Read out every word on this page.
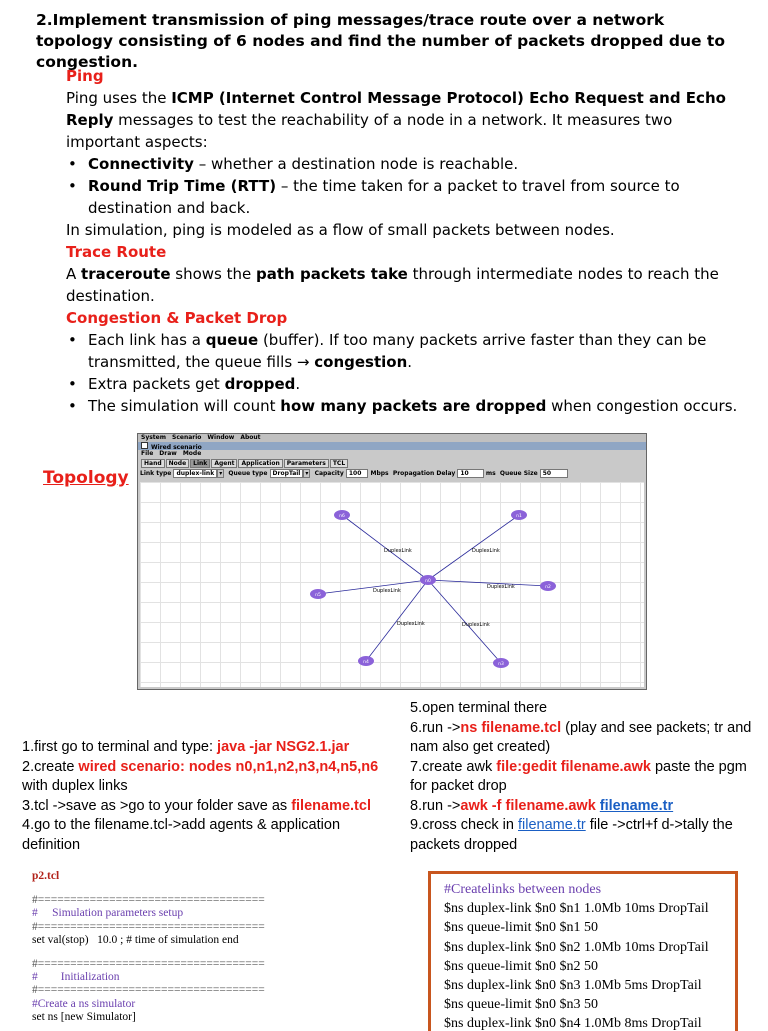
2.Implement transmission of ping messages/trace route over a network topology consisting of 6 nodes and find the number of packets dropped due to congestion.

Ping

Ping uses the ICMP (Internet Control Message Protocol) Echo Request and Echo Reply messages to test the reachability of a node in a network. It measures two important aspects:

• Connectivity – whether a destination node is reachable.
• Round Trip Time (RTT) – the time taken for a packet to travel from source to destination and back.

In simulation, ping is modeled as a flow of small packets between nodes.

Trace Route

A traceroute shows the path packets take through intermediate nodes to reach the destination.

Congestion & Packet Drop

• Each link has a queue (buffer). If too many packets arrive faster than they can be transmitted, the queue fills → congestion.
• Extra packets get dropped.
• The simulation will count how many packets are dropped when congestion occurs.
Topology
System Scenario Window About
Wired scenario
File Draw Mode
Hand Node Link Agent Application Parameters TCL
Link type duplex-link ▾ Queue type DropTail ▾ Capacity 100 Mbps Propagation Delay 10	ms Queue Size 50
DuplexLink	DuplexLink
DuplexLink
DuplexLink
DuplexLink	DuplexLink
n0
n1
n2
n3
n4
n5
n6
1.first go to terminal and type: java -jar NSG2.1.jar
2.create wired scenario: nodes n0,n1,n2,n3,n4,n5,n6 with duplex links
3.tcl ->save as >go to your folder save as filename.tcl
4.go to the filename.tcl->add agents & application definition
5.open terminal there
6.run ->ns filename.tcl (play and see packets; tr and nam also get created)
7.create awk file:gedit filename.awk paste the pgm for packet drop
8.run ->awk -f filename.awk filename.tr
9.cross check in filename.tr file ->ctrl+f d->tally the packets dropped
p2.tcl
#===================================
#     Simulation parameters setup
#===================================
set val(stop)   10.0 ; # time of simulation end
#===================================
#        Initialization
#===================================
#Create a ns simulator
set ns [new Simulator]
#Createlinks between nodes
$ns duplex-link $n0 $n1 1.0Mb 10ms DropTail
$ns queue-limit $n0 $n1 50
$ns duplex-link $n0 $n2 1.0Mb 10ms DropTail
$ns queue-limit $n0 $n2 50
$ns duplex-link $n0 $n3 1.0Mb 5ms DropTail
$ns queue-limit $n0 $n3 50
$ns duplex-link $n0 $n4 1.0Mb 8ms DropTail
